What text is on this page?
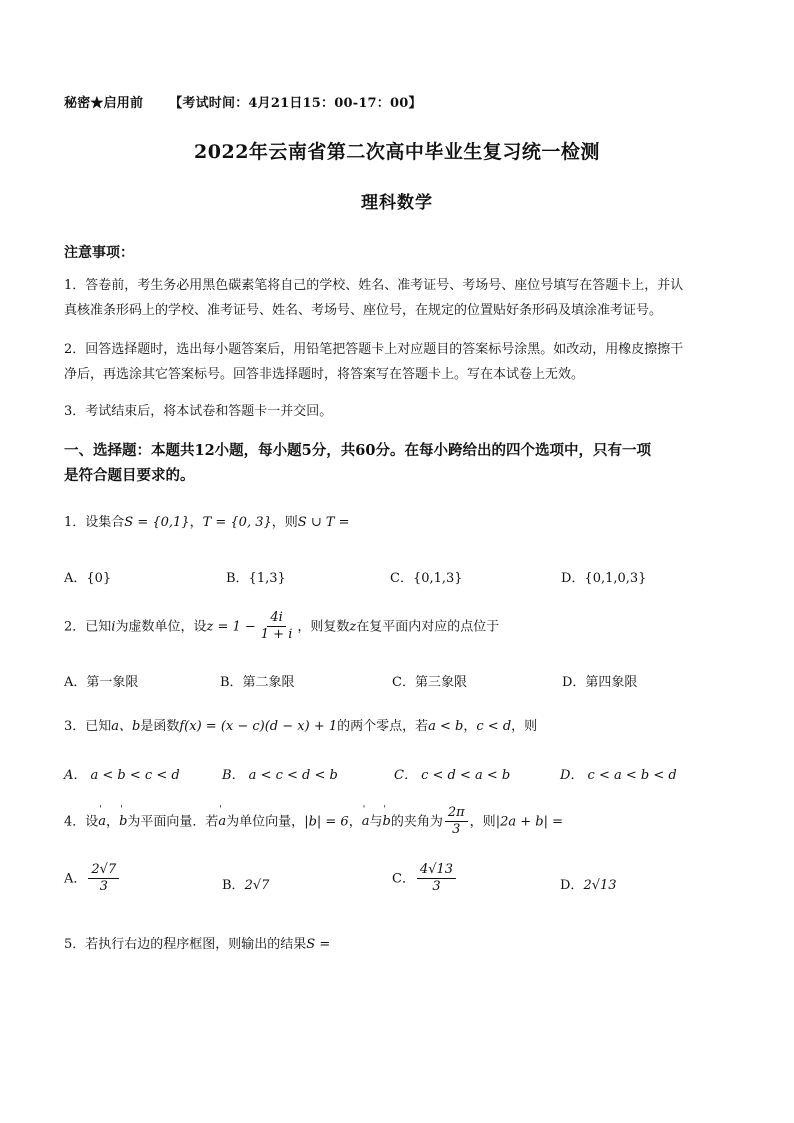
秘密★启用前 【考试时间：4月21日15：00-17：00】
2022年云南省第二次高中毕业生复习统一检测
理科数学
注意事项：
1．答卷前，考生务必用黑色碳素笔将自己的学校、姓名、准考证号、考场号、座位号填写在答题卡上，并认
真核准条形码上的学校、准考证号、姓名、考场号、座位号，在规定的位置贴好条形码及填涂准考证号。
2．回答选择题时，选出每小题答案后，用铅笔把答题卡上对应题目的答案标号涂黑。如改动，用橡皮擦擦干
净后，再选涂其它答案标号。回答非选择题时，将答案写在答题卡上。写在本试卷上无效。
3．考试结束后，将本试卷和答题卡一并交回。
一、选择题：本题共12小题，每小题5分，共60分。在每小跨给出的四个选项中，只有一项
是符合题目要求的。
1．设集合S = {0,1}，T = {0, 3}，则S ∪ T =
A．{0}	B．{1,3}	C．{0,1,3}	D．{0,1,0,3}
2．已知i为虚数单位，设$z = 1 - \frac{4i}{1 + i}$ ，则复数z在复平面内对应的点位于
A．第一象限	B．第二象限	C．第三象限	D．第四象限
3．已知a、b是函数f(x) = (x − c)(d − x) + 1的两个零点，若a < b，c < d，则
A． a < b < c < d	B． a < c < d < b	C． c < d < a < b	D． c < a < b < d
4．设' a，' b为平面向量．若' a为单位向量，|b| = 6，' a与' b的夹角为 $\frac{2\pi}{3}$ ，则|2a + b| =
A． $\frac{2√7}{3}$	B．2√7	C． $\frac{4√13}{3}$	D．2√13
5．若执行右边的程序框图，则输出的结果S =
